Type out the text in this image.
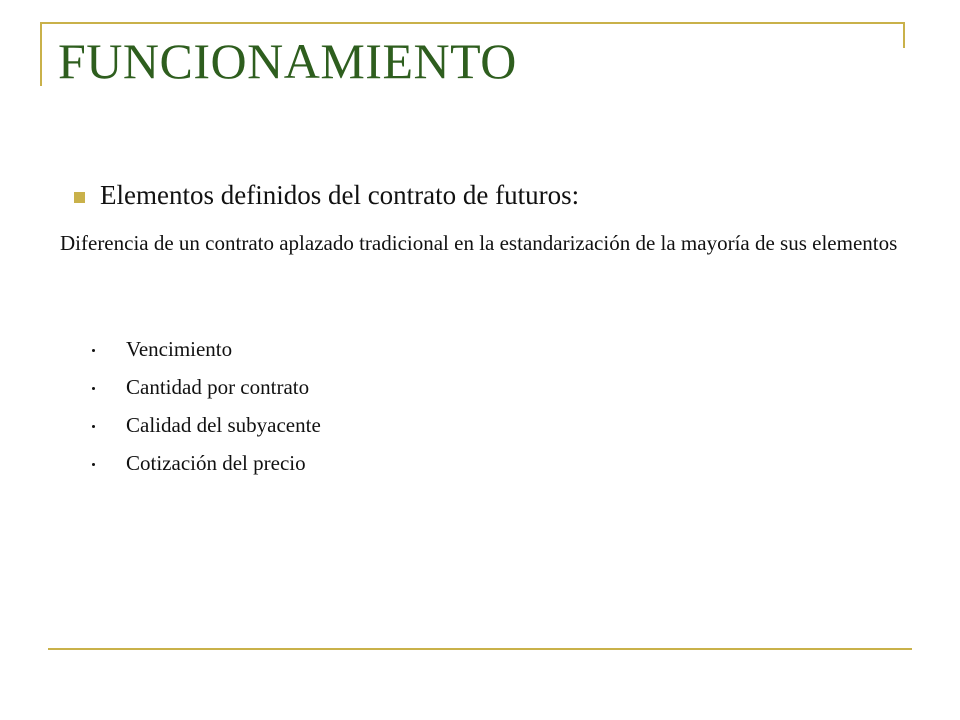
FUNCIONAMIENTO
Elementos definidos del contrato de futuros:

Diferencia de un contrato aplazado tradicional en la estandarización de la mayoría de sus elementos

Vencimiento
Cantidad por contrato
Calidad del subyacente
Cotización del precio
